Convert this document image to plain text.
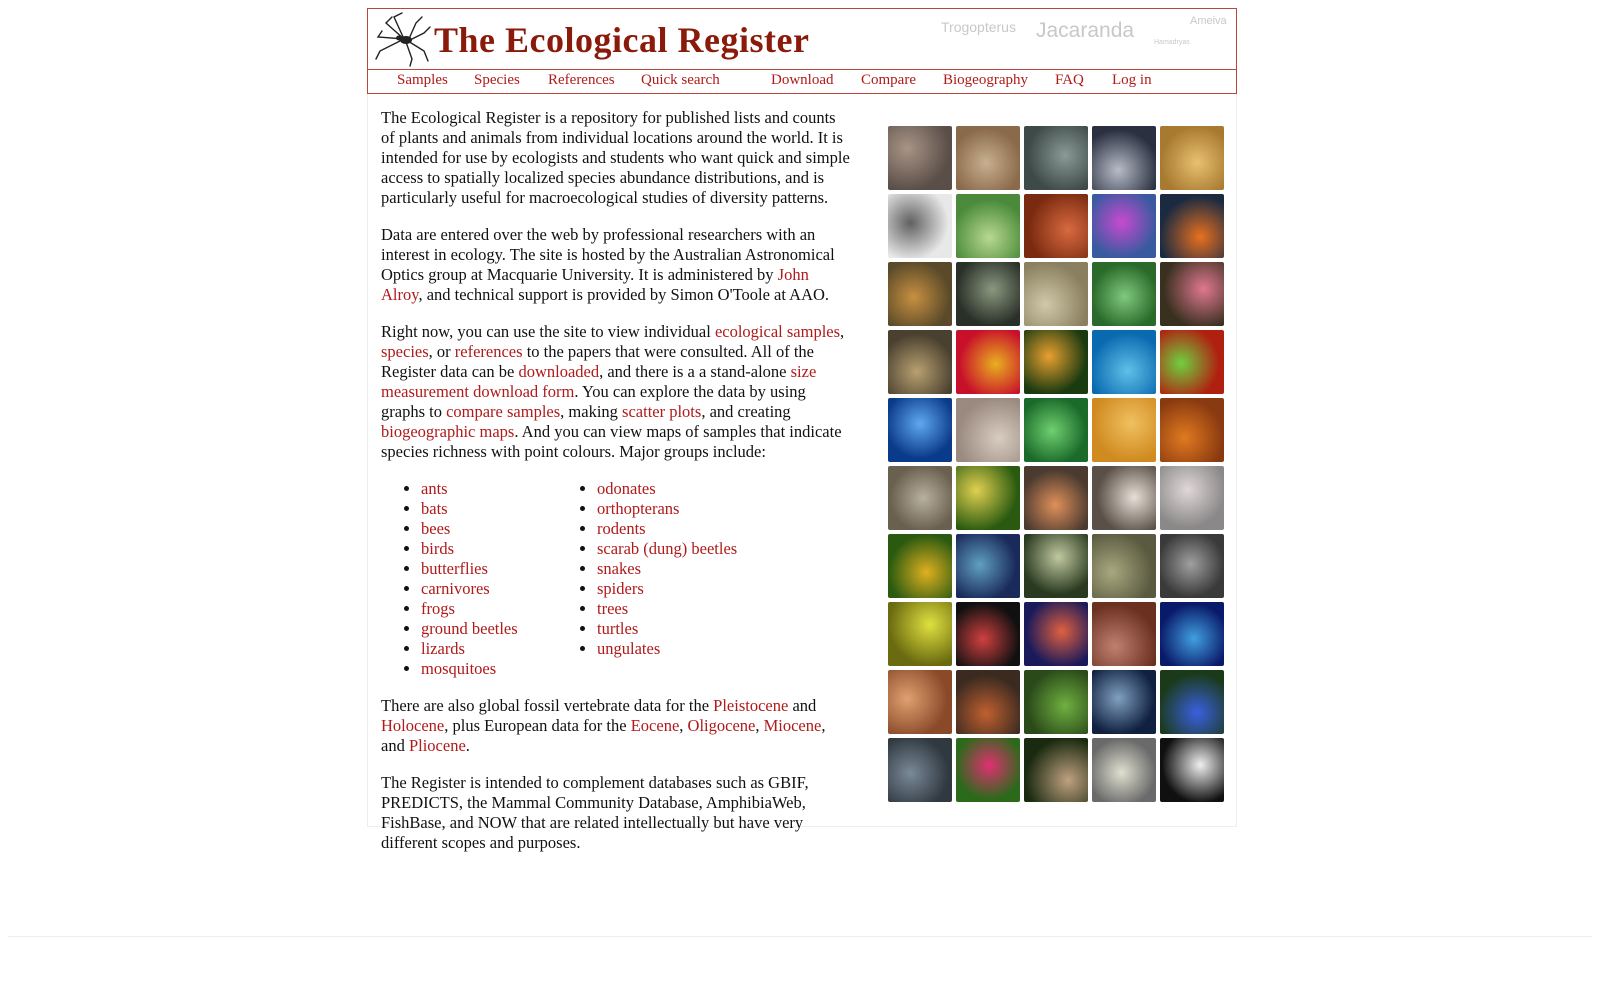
The Ecological Register	Trogopterus Jacaranda	Ameiva
Hamadryas
Samples Species References Quick search	Download Compare Biogeography FAQ Log in

The Ecological Register is a repository for published lists and counts of plants and animals from individual locations around the world. It is intended for use by ecologists and students who want quick and simple access to spatially localized species abundance distributions, and is particularly useful for macroecological studies of diversity patterns.

Data are entered over the web by professional researchers with an interest in ecology. The site is hosted by the Australian Astronomical Optics group at Macquarie University. It is administered by John Alroy, and technical support is provided by Simon O'Toole at AAO.

Right now, you can use the site to view individual ecological samples, species, or references to the papers that were consulted. All of the Register data can be downloaded, and there is a a stand-alone size measurement download form. You can explore the data by using graphs to compare samples, making scatter plots, and creating biogeographic maps. And you can view maps of samples that indicate species richness with point colours. Major groups include:

• ants
• bats
• bees
• birds
• butterflies
• carnivores
• frogs
• ground beetles
• lizards
• mosquitoes
• odonates
• orthopterans
• rodents
• scarab (dung) beetles
• snakes
• spiders
• trees
• turtles
• ungulates

There are also global fossil vertebrate data for the Pleistocene and Holocene, plus European data for the Eocene, Oligocene, Miocene, and Pliocene.

The Register is intended to complement databases such as GBIF, PREDICTS, the Mammal Community Database, AmphibiaWeb, FishBase, and NOW that are related intellectually but have very different scopes and purposes.
